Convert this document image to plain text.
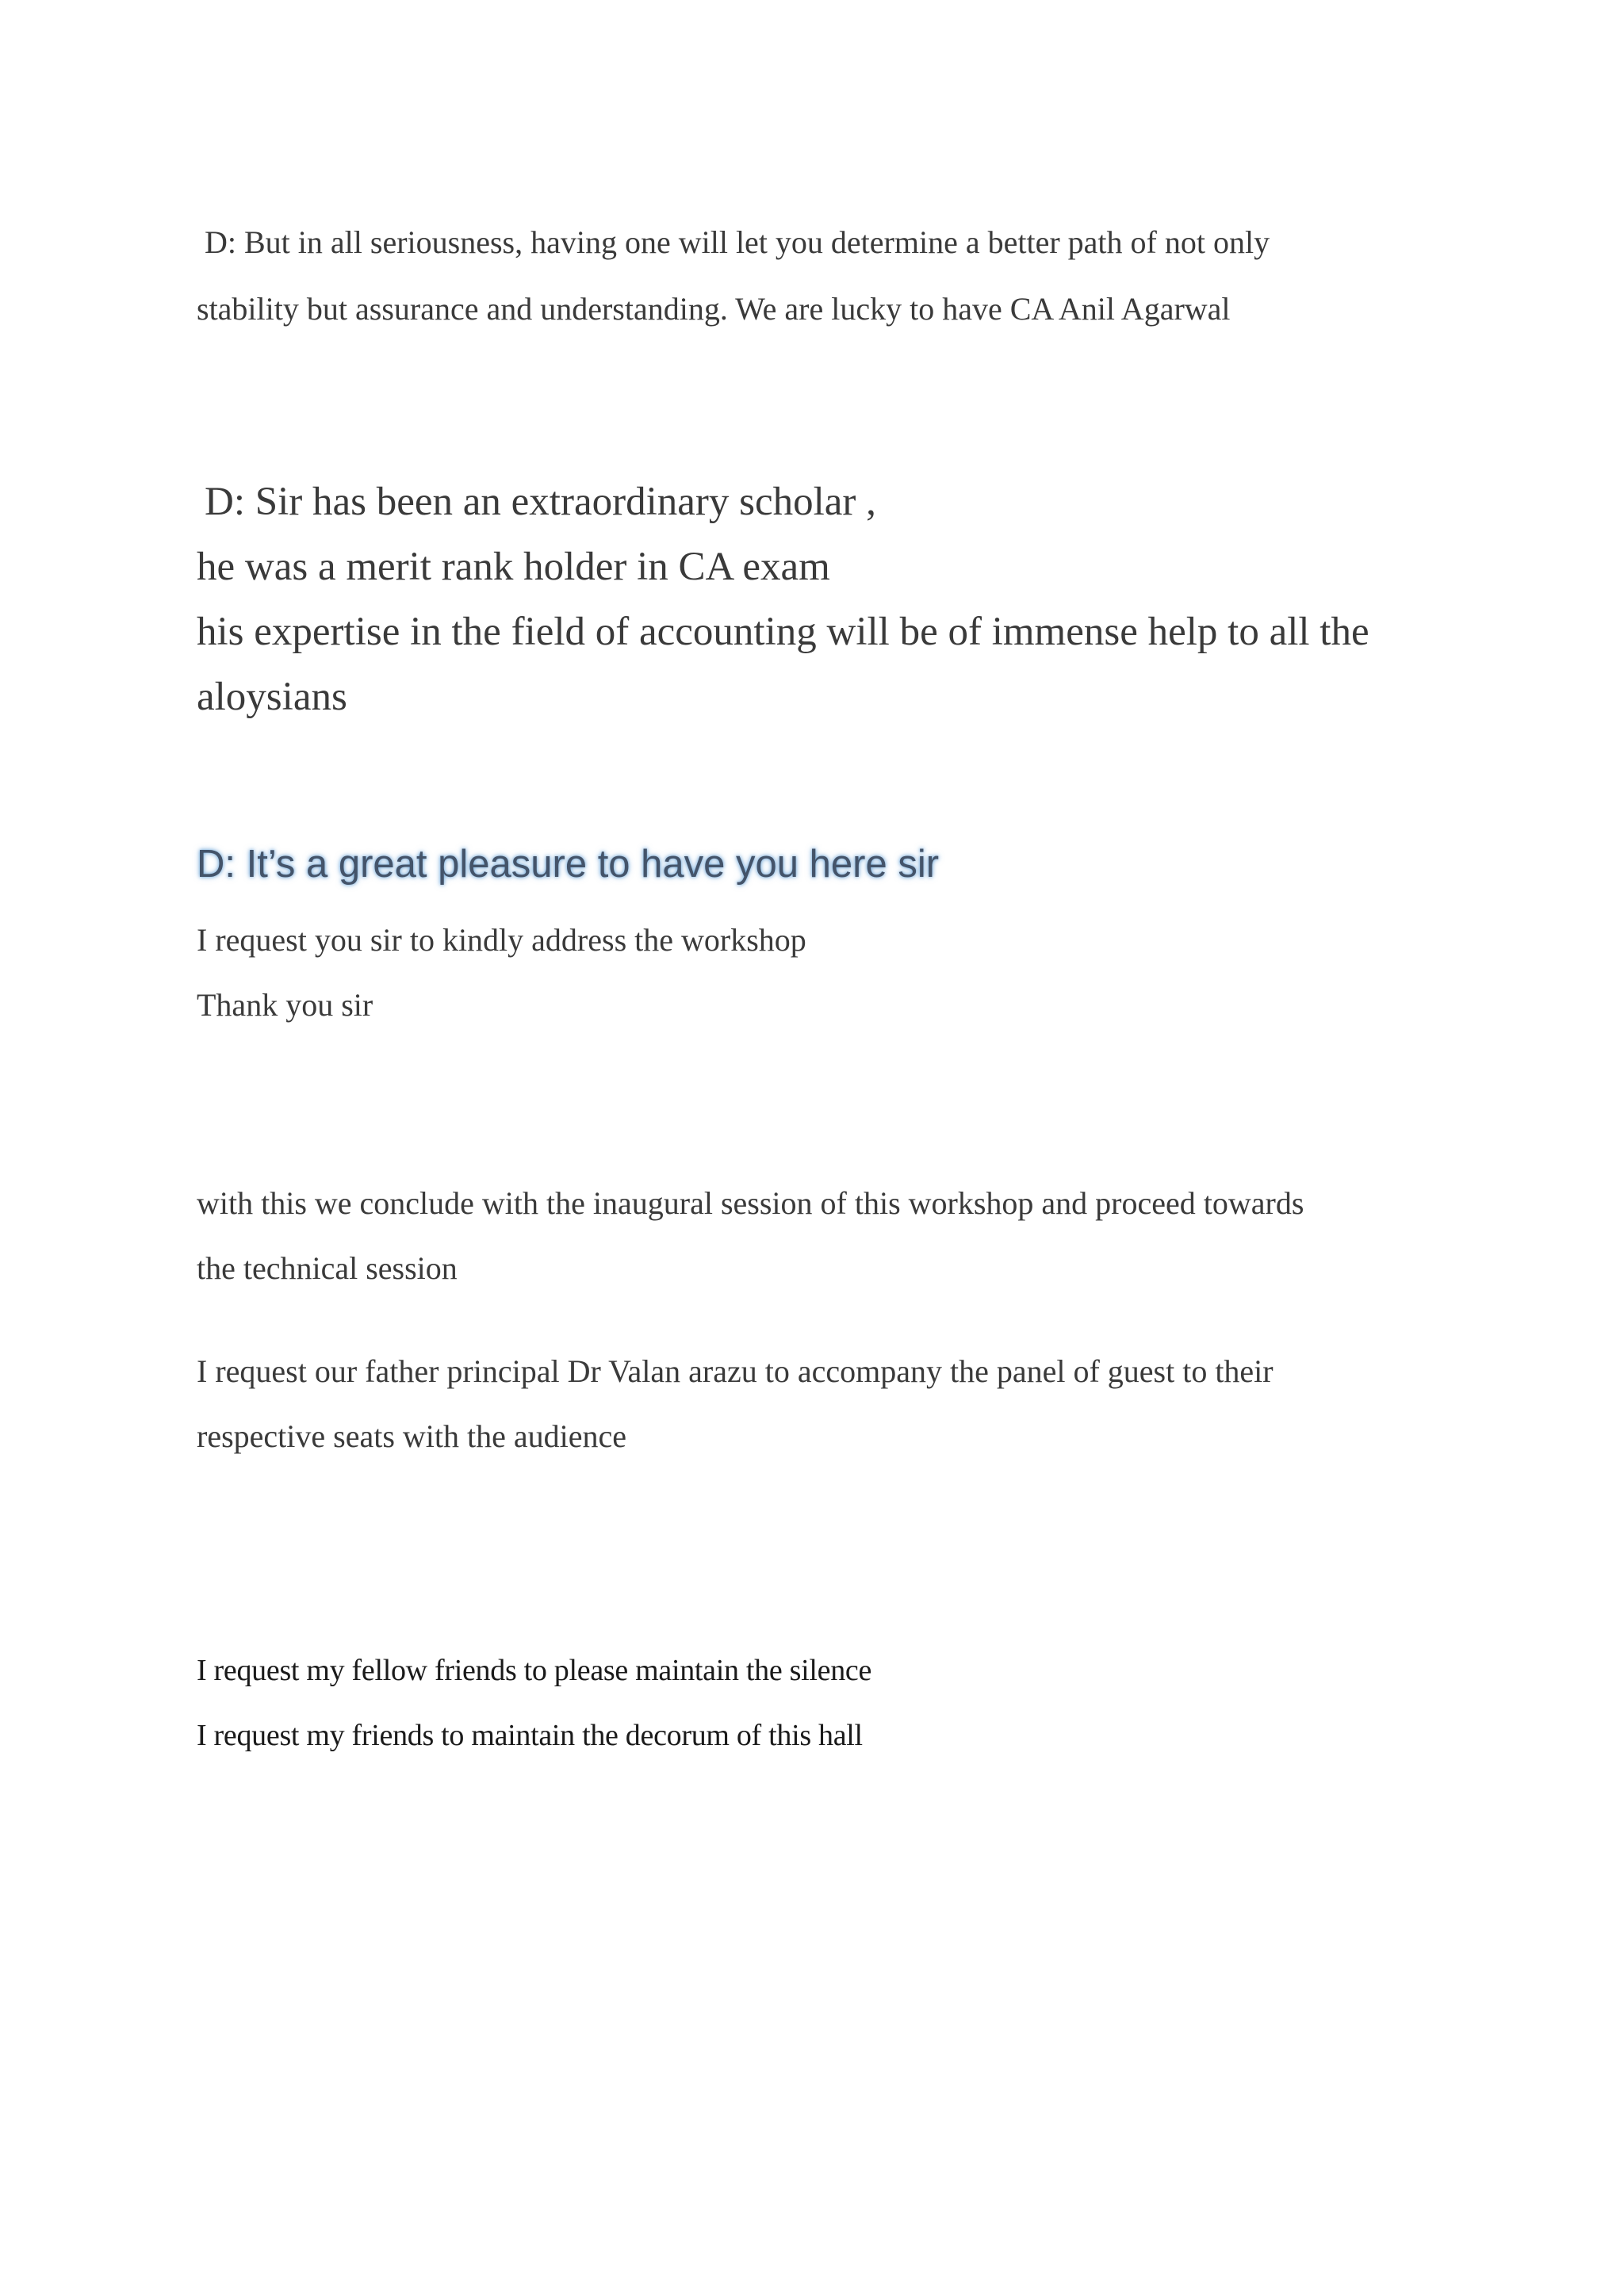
D: But in all seriousness, having one will let you determine a better path of not only
stability but assurance and understanding. We are lucky to have CA Anil Agarwal
D: Sir has been an extraordinary scholar ,
he was a merit rank holder in CA exam
his expertise in the field of accounting will be of immense help to all the
aloysians
D: It’s a great pleasure to have you here sir
I request you sir to kindly address the workshop
Thank you sir
with this we conclude with the inaugural session of this workshop and proceed towards
the technical session
I request our father principal Dr Valan arazu to accompany the panel of guest to their
respective seats with the audience
I request my fellow friends to please maintain the silence
I request my friends to maintain the decorum of this hall
